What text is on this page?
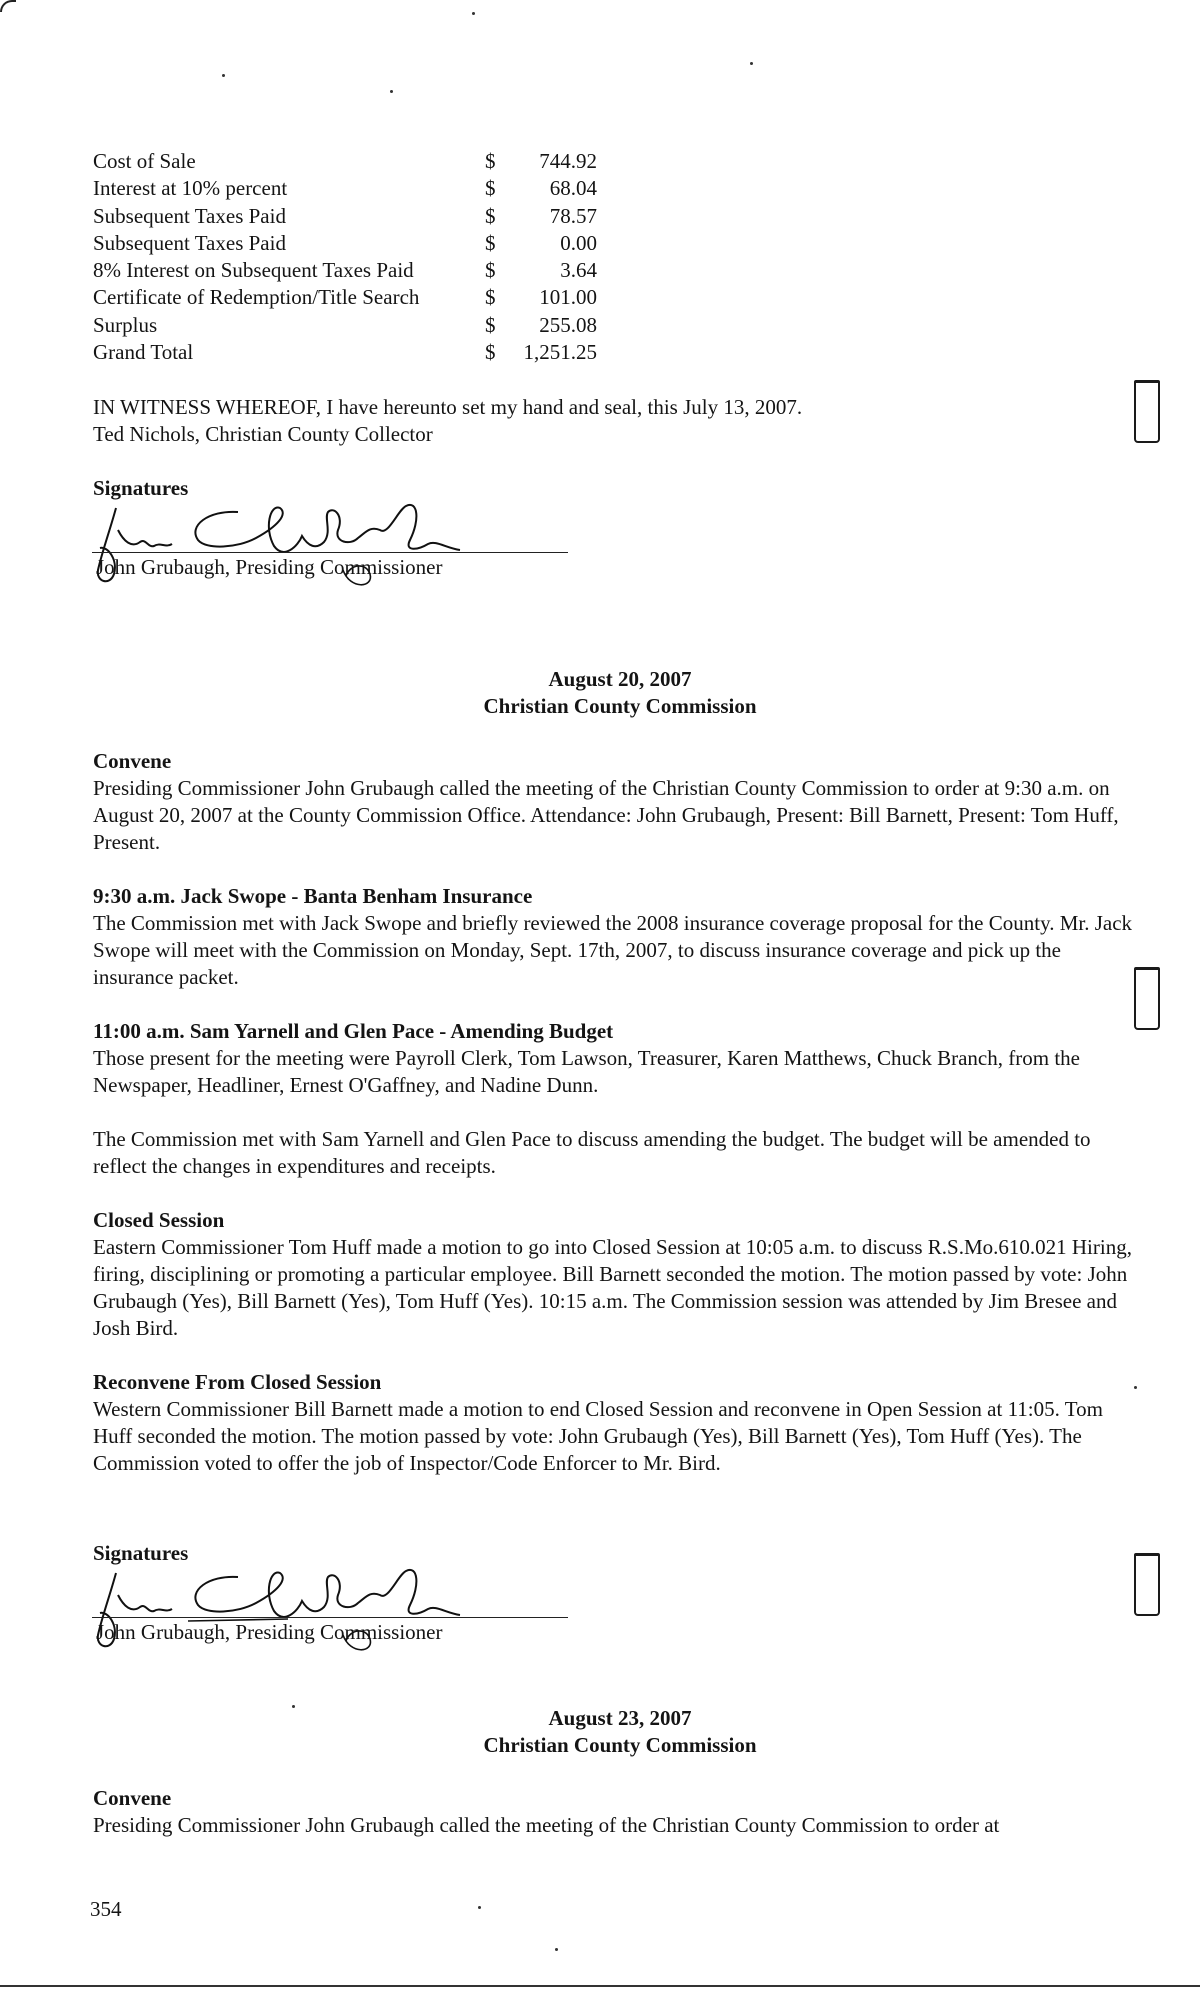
Cost of Sale	$	744.92
Interest at 10% percent	$	68.04
Subsequent Taxes Paid	$	78.57
Subsequent Taxes Paid	$	0.00
8% Interest on Subsequent Taxes Paid	$	3.64
Certificate of Redemption/Title Search	$	101.00
Surplus	$	255.08
Grand Total	$	1,251.25
IN WITNESS WHEREOF, I have hereunto set my hand and seal, this July 13, 2007.
Ted Nichols, Christian County Collector
Signatures
John Grubaugh, Presiding Commissioner
August 20, 2007
Christian County Commission
Convene
Presiding Commissioner John Grubaugh called the meeting of the Christian County Commission to order at 9:30 a.m. on August 20, 2007 at the County Commission Office. Attendance: John Grubaugh, Present: Bill Barnett, Present: Tom Huff, Present.
9:30 a.m. Jack Swope - Banta Benham Insurance
The Commission met with Jack Swope and briefly reviewed the 2008 insurance coverage proposal for the County. Mr. Jack Swope will meet with the Commission on Monday, Sept. 17th, 2007, to discuss insurance coverage and pick up the insurance packet.
11:00 a.m. Sam Yarnell and Glen Pace - Amending Budget
Those present for the meeting were Payroll Clerk, Tom Lawson, Treasurer, Karen Matthews, Chuck Branch, from the Newspaper, Headliner, Ernest O'Gaffney, and Nadine Dunn.
The Commission met with Sam Yarnell and Glen Pace to discuss amending the budget. The budget will be amended to reflect the changes in expenditures and receipts.
Closed Session
Eastern Commissioner Tom Huff made a motion to go into Closed Session at 10:05 a.m. to discuss R.S.Mo.610.021 Hiring, firing, disciplining or promoting a particular employee. Bill Barnett seconded the motion. The motion passed by vote: John Grubaugh (Yes), Bill Barnett (Yes), Tom Huff (Yes). 10:15 a.m. The Commission session was attended by Jim Bresee and Josh Bird.
Reconvene From Closed Session
Western Commissioner Bill Barnett made a motion to end Closed Session and reconvene in Open Session at 11:05. Tom Huff seconded the motion. The motion passed by vote: John Grubaugh (Yes), Bill Barnett (Yes), Tom Huff (Yes). The Commission voted to offer the job of Inspector/Code Enforcer to Mr. Bird.
Signatures
John Grubaugh, Presiding Commissioner
August 23, 2007
Christian County Commission
Convene
Presiding Commissioner John Grubaugh called the meeting of the Christian County Commission to order at
354
